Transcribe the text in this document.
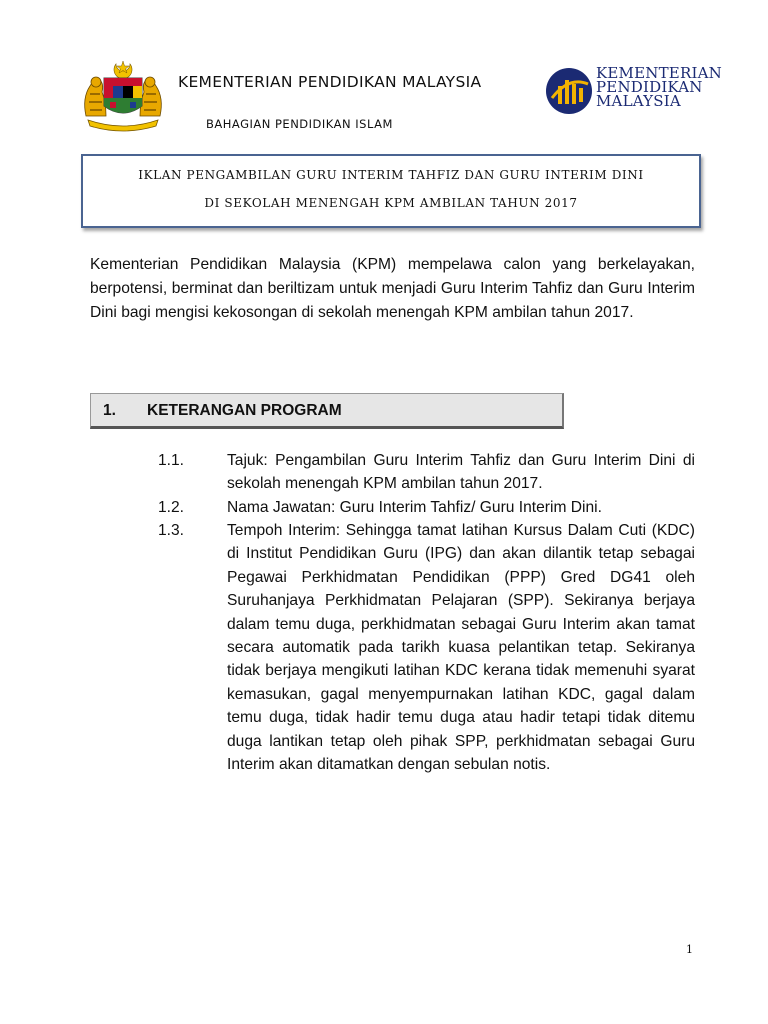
KEMENTERIAN PENDIDIKAN MALAYSIA
BAHAGIAN PENDIDIKAN ISLAM
KEMENTERIAN
PENDIDIKAN
MALAYSIA
IKLAN PENGAMBILAN GURU INTERIM TAHFIZ DAN GURU INTERIM DINI
DI SEKOLAH MENENGAH KPM AMBILAN TAHUN 2017
Kementerian Pendidikan Malaysia (KPM) mempelawa calon yang berkelayakan, berpotensi, berminat dan beriltizam untuk menjadi Guru Interim Tahfiz dan Guru Interim Dini bagi mengisi kekosongan di sekolah menengah KPM ambilan tahun 2017.
1. KETERANGAN PROGRAM
1.1.	Tajuk: Pengambilan Guru Interim Tahfiz dan Guru Interim Dini di sekolah menengah KPM ambilan tahun 2017.
1.2.	Nama Jawatan: Guru Interim Tahfiz/ Guru Interim Dini.
1.3.	Tempoh Interim: Sehingga tamat latihan Kursus Dalam Cuti (KDC) di Institut Pendidikan Guru (IPG) dan akan dilantik tetap sebagai Pegawai Perkhidmatan Pendidikan (PPP) Gred DG41 oleh Suruhanjaya Perkhidmatan Pelajaran (SPP). Sekiranya berjaya dalam temu duga, perkhidmatan sebagai Guru Interim akan tamat secara automatik pada tarikh kuasa pelantikan tetap. Sekiranya tidak berjaya mengikuti latihan KDC kerana tidak memenuhi syarat kemasukan, gagal menyempurnakan latihan KDC, gagal dalam temu duga, tidak hadir temu duga atau hadir tetapi tidak ditemu duga lantikan tetap oleh pihak SPP, perkhidmatan sebagai Guru Interim akan ditamatkan dengan sebulan notis.
1
